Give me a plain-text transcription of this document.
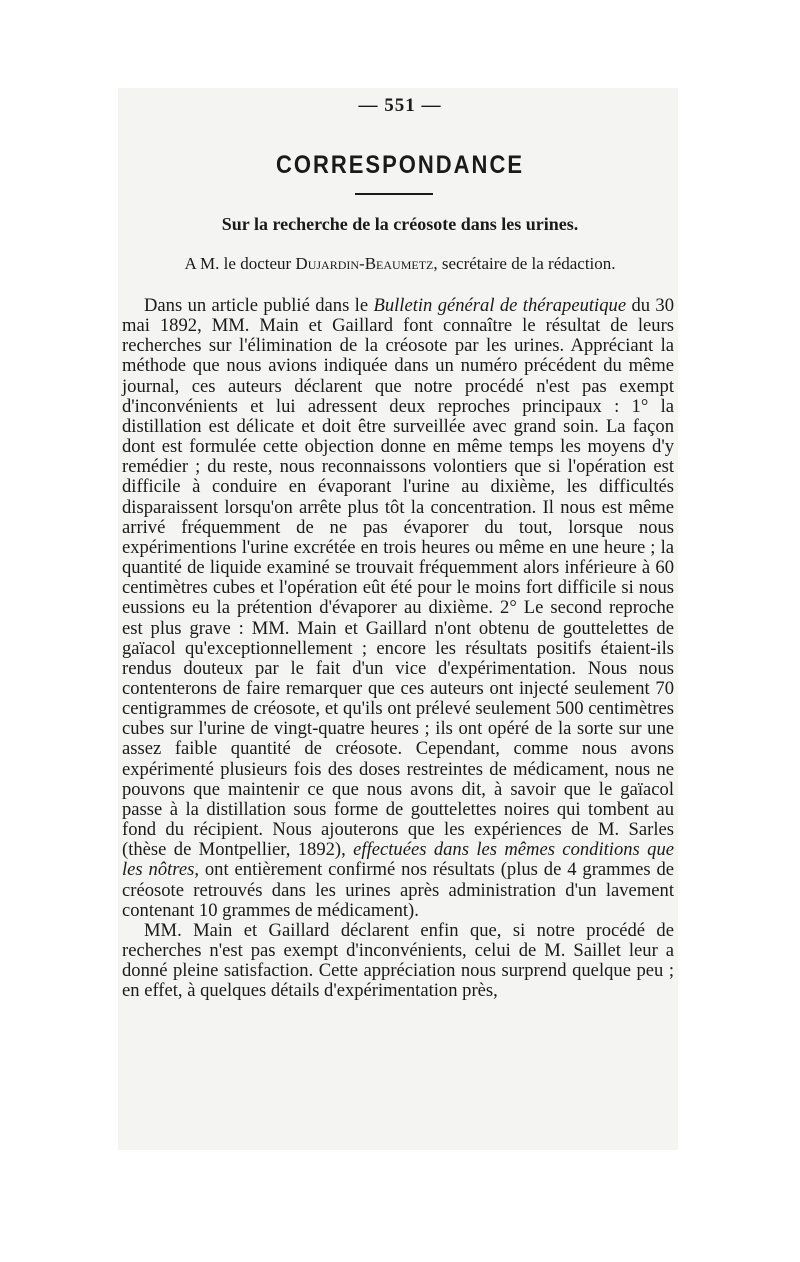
— 551 —
CORRESPONDANCE
Sur la recherche de la créosote dans les urines.
A M. le docteur Dujardin-Beaumetz, secrétaire de la rédaction.

Dans un article publié dans le Bulletin général de thérapeutique du 30 mai 1892, MM. Main et Gaillard font connaître le résultat de leurs recherches sur l'élimination de la créosote par les urines. Appréciant la méthode que nous avions indiquée dans un numéro précédent du même journal, ces auteurs déclarent que notre procédé n'est pas exempt d'inconvénients et lui adressent deux reproches principaux : 1° la distillation est délicate et doit être surveillée avec grand soin. La façon dont est formulée cette objection donne en même temps les moyens d'y remédier ; du reste, nous reconnaissons volontiers que si l'opération est difficile à conduire en évaporant l'urine au dixième, les difficultés disparaissent lorsqu'on arrête plus tôt la concentration. Il nous est même arrivé fréquemment de ne pas évaporer du tout, lorsque nous expérimentions l'urine excrétée en trois heures ou même en une heure ; la quantité de liquide examiné se trouvait fréquemment alors inférieure à 60 centimètres cubes et l'opération eût été pour le moins fort difficile si nous eussions eu la prétention d'évaporer au dixième. 2° Le second reproche est plus grave : MM. Main et Gaillard n'ont obtenu de gouttelettes de gaïacol qu'exceptionnellement ; encore les résultats positifs étaient-ils rendus douteux par le fait d'un vice d'expérimentation. Nous nous contenterons de faire remarquer que ces auteurs ont injecté seulement 70 centigrammes de créosote, et qu'ils ont prélevé seulement 500 centimètres cubes sur l'urine de vingt-quatre heures ; ils ont opéré de la sorte sur une assez faible quantité de créosote. Cependant, comme nous avons expérimenté plusieurs fois des doses restreintes de médicament, nous ne pouvons que maintenir ce que nous avons dit, à savoir que le gaïacol passe à la distillation sous forme de gouttelettes noires qui tombent au fond du récipient. Nous ajouterons que les expériences de M. Sarles (thèse de Montpellier, 1892), effectuées dans les mêmes conditions que les nôtres, ont entièrement confirmé nos résultats (plus de 4 grammes de créosote retrouvés dans les urines après administration d'un lavement contenant 10 grammes de médicament).

MM. Main et Gaillard déclarent enfin que, si notre procédé de recherches n'est pas exempt d'inconvénients, celui de M. Saillet leur a donné pleine satisfaction. Cette appréciation nous surprend quelque peu ; en effet, à quelques détails d'expérimentation près,
